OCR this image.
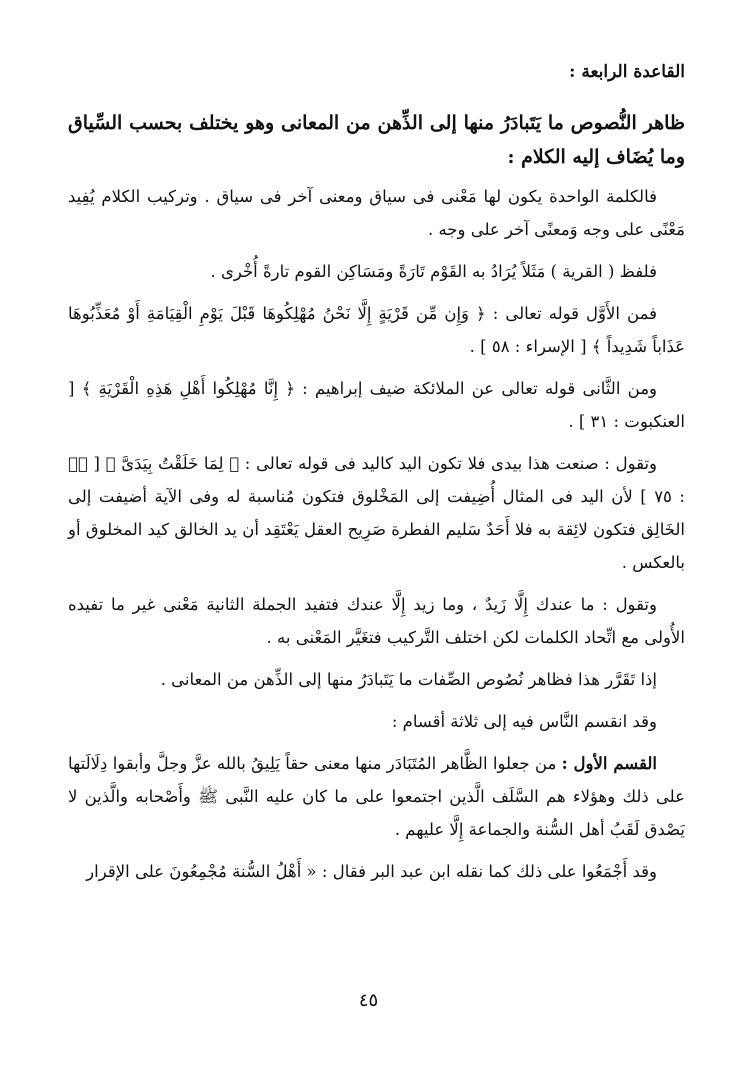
القاعدة الرابعة :
ظاهر النُّصوص ما يَتَبادَرُ منها إلى الذِّهن من المعانى وهو يختلف بحسب السِّياق وما يُضَاف إليه الكلام :

فالكلمة الواحدة يكون لها مَعْنى فى سياق ومعنى آخر فى سياق . وتركيب الكلام يُفِيد مَعْنًى على وجه وَمعنًى آخر على وجه .

فلفظ ( القرية ) مَثَلاً يُرَادُ به القَوْم تَارَةً ومَسَاكِن القوم تارةً أُخْرى .

فمن الأَوَّل قوله تعالى : ﴿ وَإِن مِّن قَرْيَةٍ إِلَّا نَحْنُ مُهْلِكُوهَا قَبْلَ يَوْمِ الْقِيَامَةِ أَوْ مُعَذِّبُوهَا عَذَاباً شَدِيداً ﴾ [ الإسراء : ٥٨ ] .

ومن الثَّانى قوله تعالى عن الملائكة ضيف إبراهيم : ﴿ إِنَّا مُهْلِكُوا أَهْلِ هَذِهِ الْقَرْيَةِ ﴾ [ العنكبوت : ٣١ ] .

وتقول : صنعت هذا بيدى فلا تكون اليد كاليد فى قوله تعالى : ﴿ لِمَا خَلَقْتُ بِيَدَىَّ ﴾ [ صۤ : ٧٥ ] لأن اليد فى المثال أُضِيفت إلى المَخْلوق فتكون مُناسبة له وفى الآية أضيفت إلى الخَالِق فتكون لائِقة به فلا أَحَدٌ سَليم الفطرة صَرِيح العقل يَعْتَقِد أن يد الخالق كيد المخلوق أو بالعكس .

وتقول : ما عندك إِلَّا زَيدٌ ، وما زيد إِلَّا عندك فتفيد الجملة الثانية مَعْنى غير ما تفيده الأُولى مع اتِّحاد الكلمات لكن اختلف التَّركيب فتغَيَّر المَعْنى به .

إذا تَقَرَّر هذا فظاهر نُصُوص الصِّفات ما يَتَبادَرُ منها إلى الذِّهن من المعانى .

وقد انقسم النَّاس فيه إلى ثلاثة أقسام :

القسم الأول : من جعلوا الظَّاهر المُتَبَادَر منها معنى حقاً يَلِيقُ بالله عزَّ وجلَّ وأبقوا دِلَالَتها على ذلك وهؤلاء هم السَّلَف الَّذين اجتمعوا على ما كان عليه النَّبى ﷺ وأَصْحابه والَّذين لا يَصْدق لَقَبُ أهل السُّنة والجماعة إِلَّا عليهم .

وقد أَجْمَعُوا على ذلك كما نقله ابن عبد البر فقال : « أَهْلُ السُّنة مُجْمِعُونَ على الإقرار

٤٥
